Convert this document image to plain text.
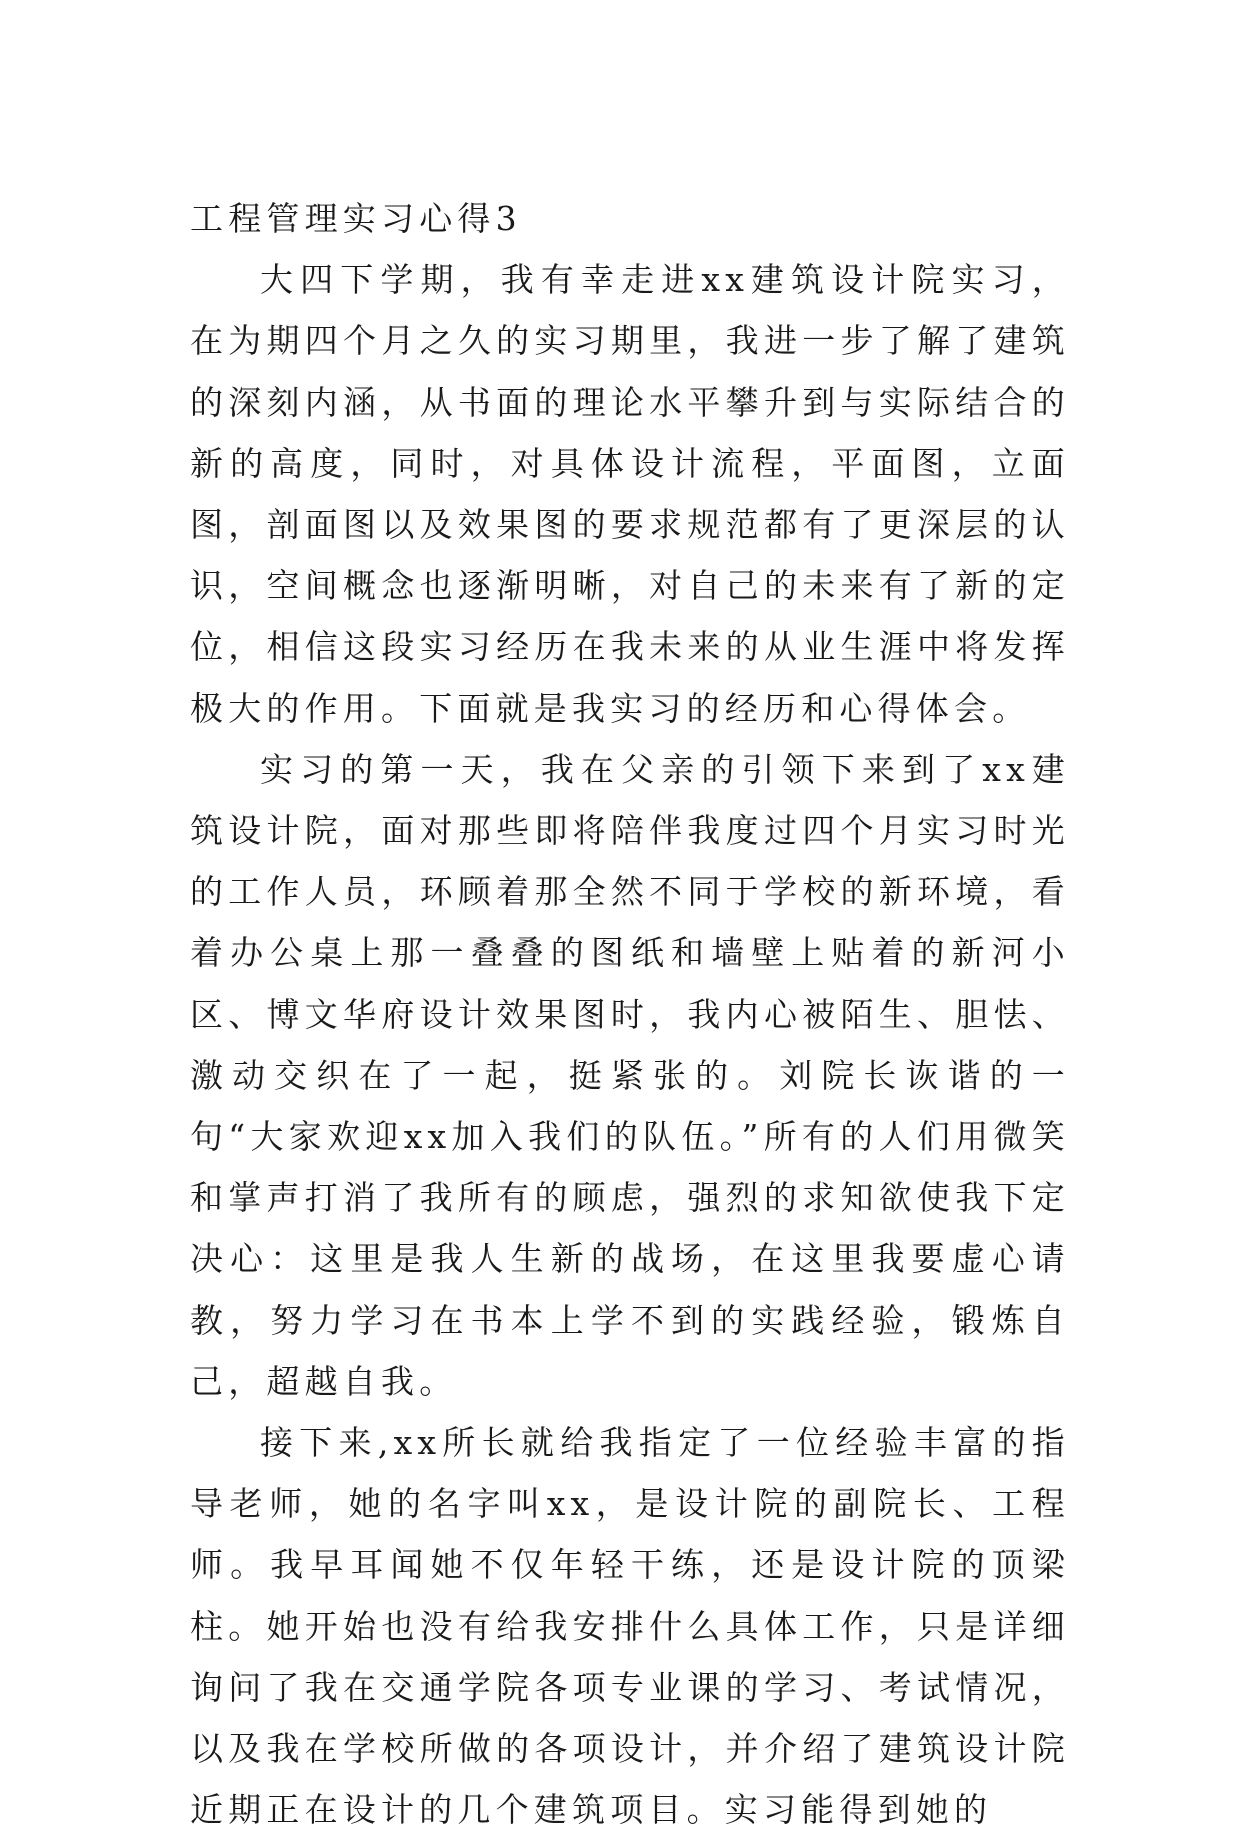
工程管理实习心得3

大四下学期，我有幸走进xx建筑设计院实习，在为期四个月之久的实习期里，我进一步了解了建筑的深刻内涵，从书面的理论水平攀升到与实际结合的新的高度，同时，对具体设计流程，平面图，立面图，剖面图以及效果图的要求规范都有了更深层的认识，空间概念也逐渐明晰，对自己的未来有了新的定位，相信这段实习经历在我未来的从业生涯中将发挥极大的作用。下面就是我实习的经历和心得体会。

实习的第一天，我在父亲的引领下来到了xx建筑设计院，面对那些即将陪伴我度过四个月实习时光的工作人员，环顾着那全然不同于学校的新环境，看着办公桌上那一叠叠的图纸和墙壁上贴着的新河小区、博文华府设计效果图时，我内心被陌生、胆怯、激动交织在了一起，挺紧张的。刘院长诙谐的一句“大家欢迎xx加入我们的队伍。”所有的人们用微笑和掌声打消了我所有的顾虑，强烈的求知欲使我下定决心：这里是我人生新的战场，在这里我要虚心请教，努力学习在书本上学不到的实践经验，锻炼自己，超越自我。

接下来,xx所长就给我指定了一位经验丰富的指导老师，她的名字叫xx，是设计院的副院长、工程师。我早耳闻她不仅年轻干练，还是设计院的顶梁柱。她开始也没有给我安排什么具体工作，只是详细询问了我在交通学院各项专业课的学习、考试情况，以及我在学校所做的各项设计，并介绍了建筑设计院近期正在设计的几个建筑项目。实习能得到她的
